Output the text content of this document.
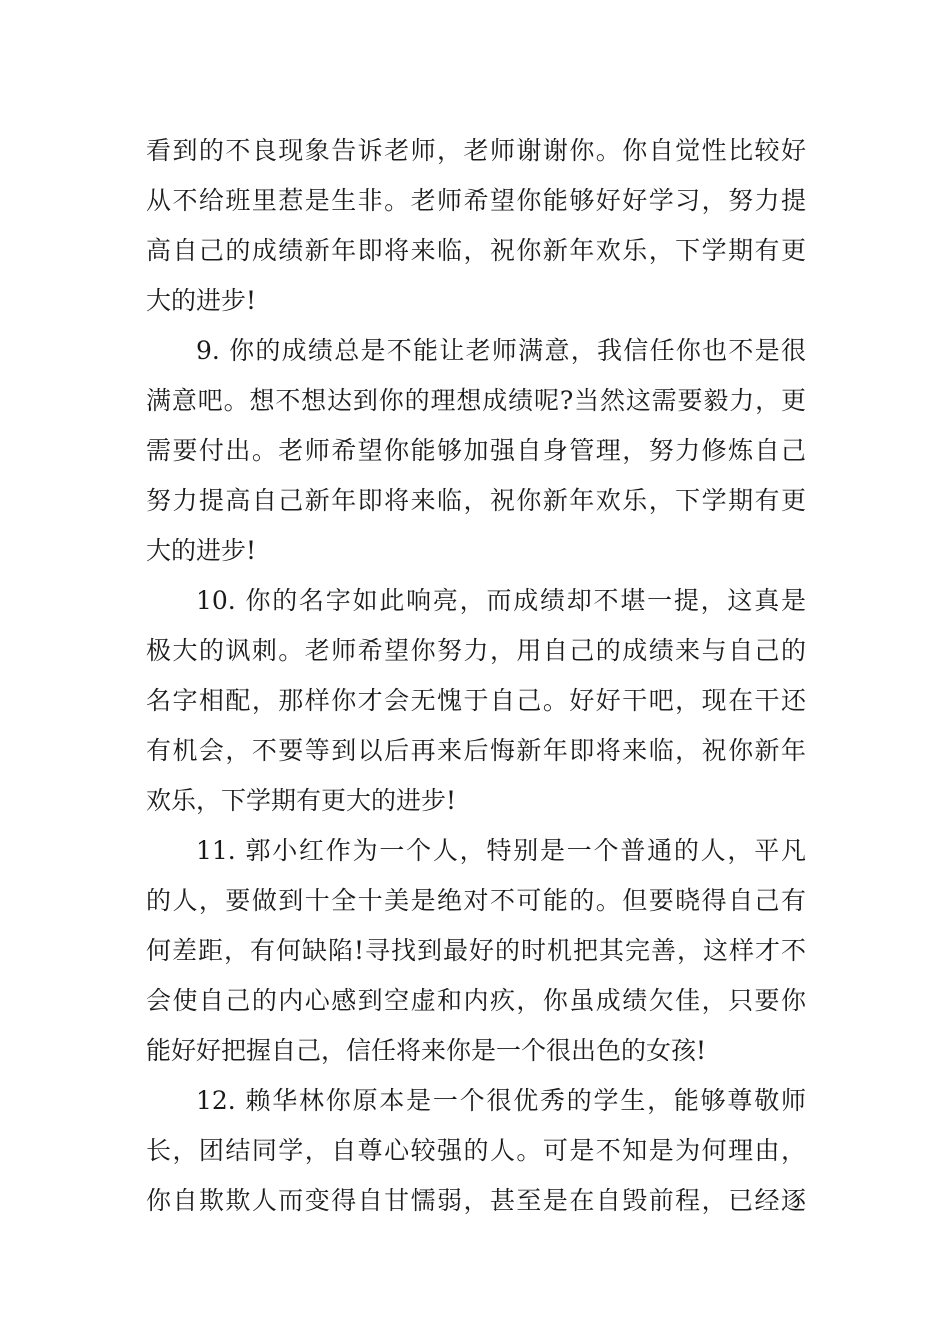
看到的不良现象告诉老师，老师谢谢你。你自觉性比较好
从不给班里惹是生非。老师希望你能够好好学习，努力提
高自己的成绩新年即将来临，祝你新年欢乐，下学期有更
大的进步!
9. 你的成绩总是不能让老师满意，我信任你也不是很
满意吧。想不想达到你的理想成绩呢?当然这需要毅力，更
需要付出。老师希望你能够加强自身管理，努力修炼自己
努力提高自己新年即将来临，祝你新年欢乐，下学期有更
大的进步!
10. 你的名字如此响亮，而成绩却不堪一提，这真是
极大的讽刺。老师希望你努力，用自己的成绩来与自己的
名字相配，那样你才会无愧于自己。好好干吧，现在干还
有机会，不要等到以后再来后悔新年即将来临，祝你新年
欢乐，下学期有更大的进步!
11. 郭小红作为一个人，特别是一个普通的人，平凡
的人，要做到十全十美是绝对不可能的。但要晓得自己有
何差距，有何缺陷!寻找到最好的时机把其完善，这样才不
会使自己的内心感到空虚和内疚，你虽成绩欠佳，只要你
能好好把握自己，信任将来你是一个很出色的女孩!
12. 赖华林你原本是一个很优秀的学生，能够尊敬师
长，团结同学，自尊心较强的人。可是不知是为何理由，
你自欺欺人而变得自甘懦弱，甚至是在自毁前程，已经逐
